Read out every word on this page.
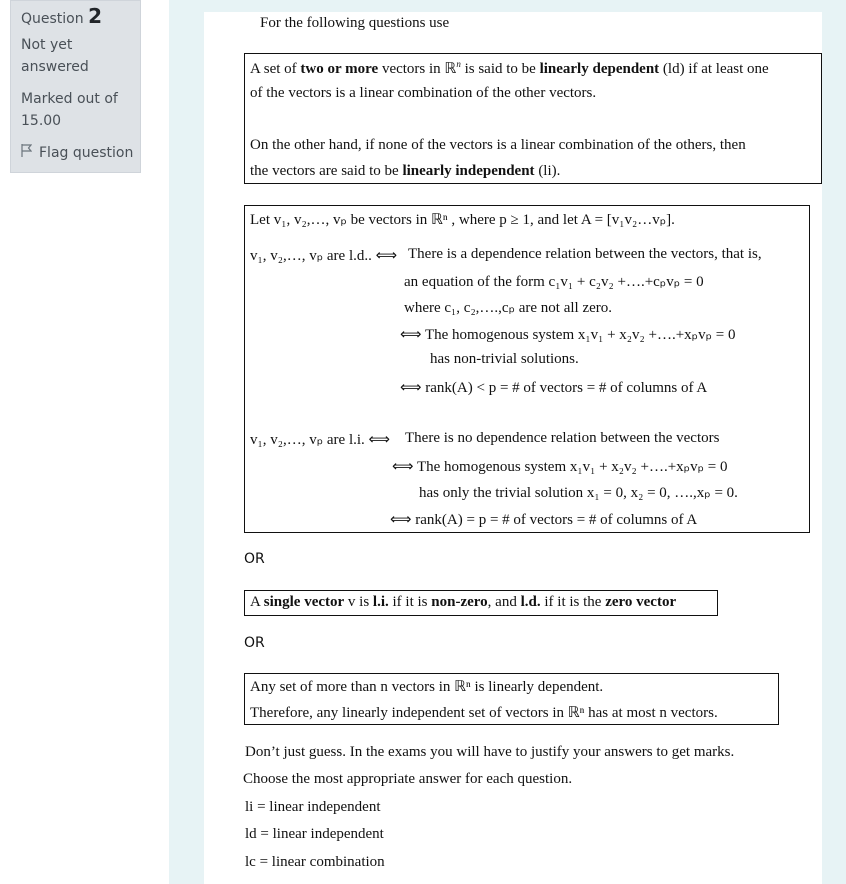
Question 2
Not yet
answered
Marked out of
15.00
Flag question
For the following questions use
A set of two or more vectors in ℝ$^n$ is said to be linearly dependent (ld) if at least one
of the vectors is a linear combination of the other vectors.
On the other hand, if none of the vectors is a linear combination of the others, then
the vectors are said to be linearly independent (li).
Let v₁, v₂,…, vₚ be vectors in ℝⁿ , where p ≥ 1, and let A = [v₁v₂…vₚ].
v₁, v₂,…, vₚ are l.d.. ⟺ There is a dependence relation between the vectors, that is,
an equation of the form c₁v₁ + c₂v₂ +….+cₚvₚ = 0
where c₁, c₂,….,cₚ are not all zero.
⟺ The homogenous system x₁v₁ + x₂v₂ +….+xₚvₚ = 0
has non-trivial solutions.
⟺ rank(A) < p = # of vectors = # of columns of A
v₁, v₂,…, vₚ are l.i. ⟺ There is no dependence relation between the vectors
⟺ The homogenous system x₁v₁ + x₂v₂ +….+xₚvₚ = 0
has only the trivial solution x₁ = 0, x₂ = 0, ….,xₚ = 0.
⟺ rank(A) = p = # of vectors = # of columns of A
OR
A single vector v is l.i. if it is non-zero, and l.d. if it is the zero vector
OR
Any set of more than n vectors in ℝⁿ is linearly dependent.
Therefore, any linearly independent set of vectors in ℝⁿ has at most n vectors.
Don’t just guess. In the exams you will have to justify your answers to get marks.
Choose the most appropriate answer for each question.
li = linear independent
ld = linear independent
lc = linear combination
